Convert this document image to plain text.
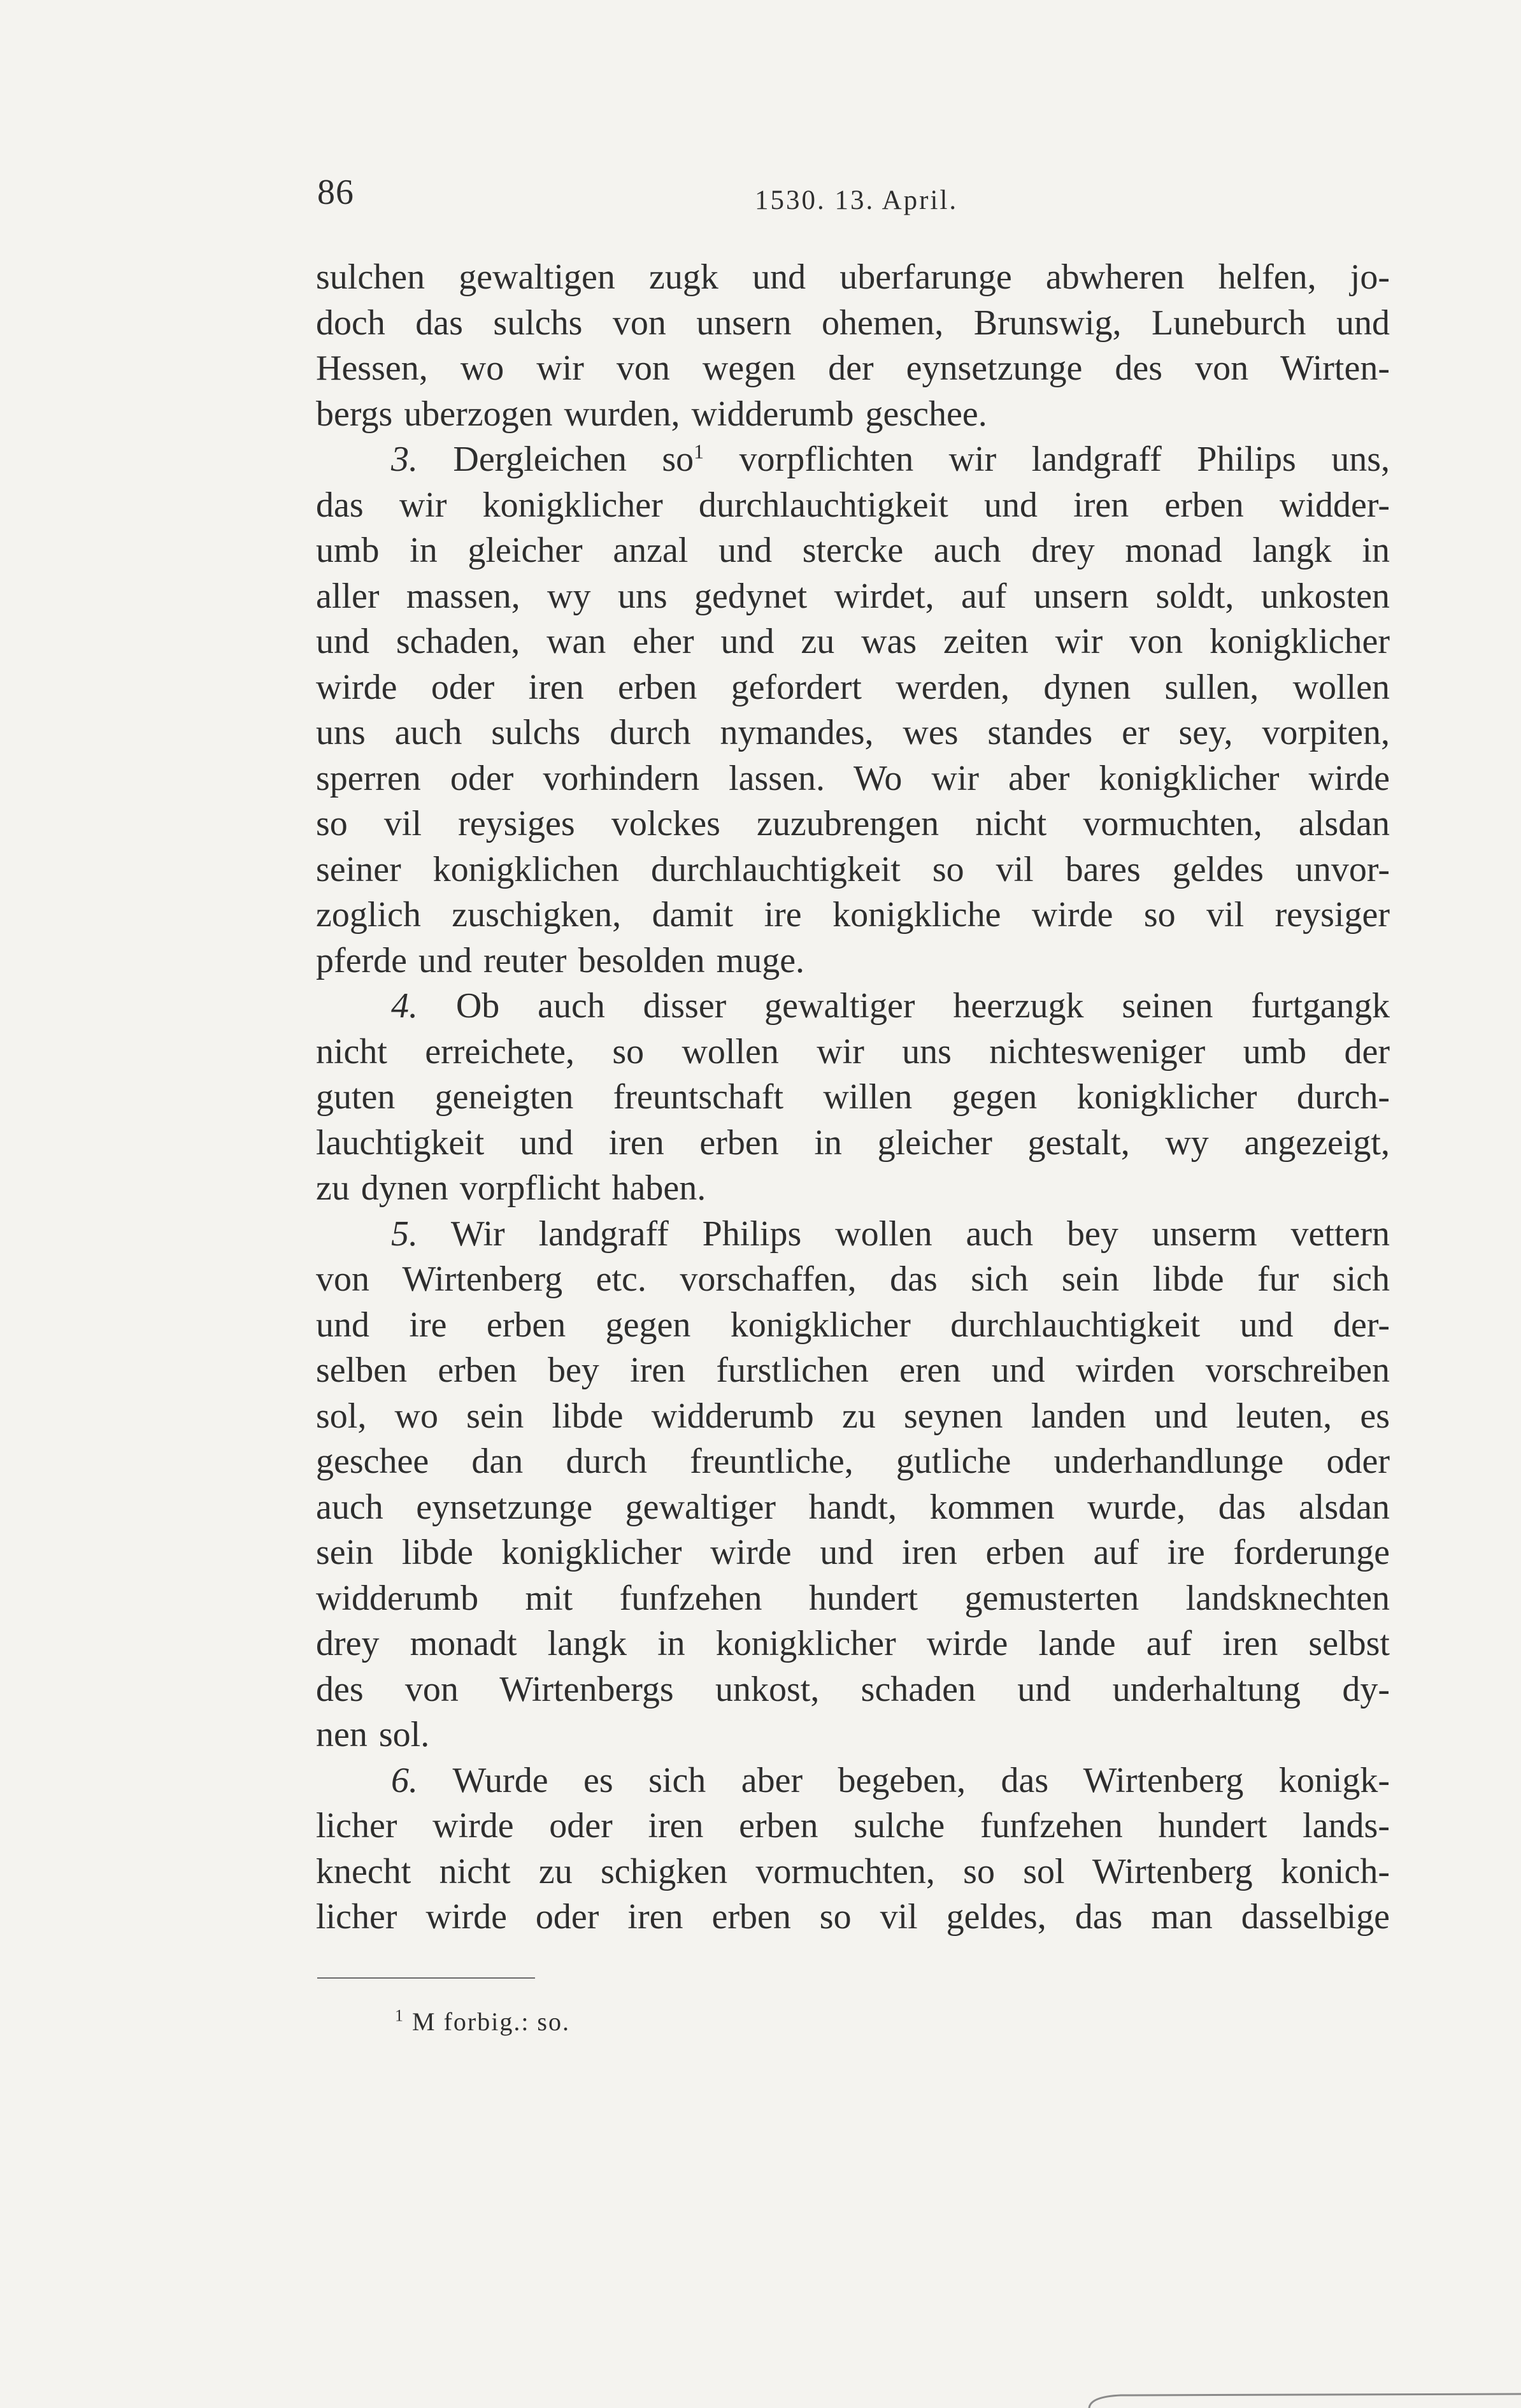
86	1530. 13. April.

sulchen gewaltigen zugk und uberfarunge abwheren helfen, jo-
doch das sulchs von unsern ohemen, Brunswig, Luneburch und
Hessen, wo wir von wegen der eynsetzunge des von Wirten-
bergs uberzogen wurden, widderumb geschee.

3. Dergleichen $so^1$ vorpflichten wir landgraff Philips uns,
das wir konigklicher durchlauchtigkeit und iren erben widder-
umb in gleicher anzal und stercke auch drey monad langk in
aller massen, wy uns gedynet wirdet, auf unsern soldt, unkosten
und schaden, wan eher und zu was zeiten wir von konigklicher
wirde oder iren erben gefordert werden, dynen sullen, wollen
uns auch sulchs durch nymandes, wes standes er sey, vorpiten,
sperren oder vorhindern lassen. Wo wir aber konigklicher wirde
so vil reysiges volckes zuzubrengen nicht vormuchten, alsdan
seiner konigklichen durchlauchtigkeit so vil bares geldes unvor-
zoglich zuschigken, damit ire konigkliche wirde so vil reysiger
pferde und reuter besolden muge.

4. Ob auch disser gewaltiger heerzugk seinen furtgangk
nicht erreichete, so wollen wir uns nichtesweniger umb der
guten geneigten freuntschaft willen gegen konigklicher durch-
lauchtigkeit und iren erben in gleicher gestalt, wy angezeigt,
zu dynen vorpflicht haben.

5. Wir landgraff Philips wollen auch bey unserm vettern
von Wirtenberg etc. vorschaffen, das sich sein libde fur sich
und ire erben gegen konigklicher durchlauchtigkeit und der-
selben erben bey iren furstlichen eren und wirden vorschreiben
sol, wo sein libde widderumb zu seynen landen und leuten, es
geschee dan durch freuntliche, gutliche underhandlunge oder
auch eynsetzunge gewaltiger handt, kommen wurde, das alsdan
sein libde konigklicher wirde und iren erben auf ire forderunge
widderumb mit funfzehen hundert gemusterten landsknechten
drey monadt langk in konigklicher wirde lande auf iren selbst
des von Wirtenbergs unkost, schaden und underhaltung dy-
nen sol.

6. Wurde es sich aber begeben, das Wirtenberg konigk-
licher wirde oder iren erben sulche funfzehen hundert lands-
knecht nicht zu schigken vormuchten, so sol Wirtenberg konich-
licher wirde oder iren erben so vil geldes, das man dasselbige

$^1$ M forbig.: so.
